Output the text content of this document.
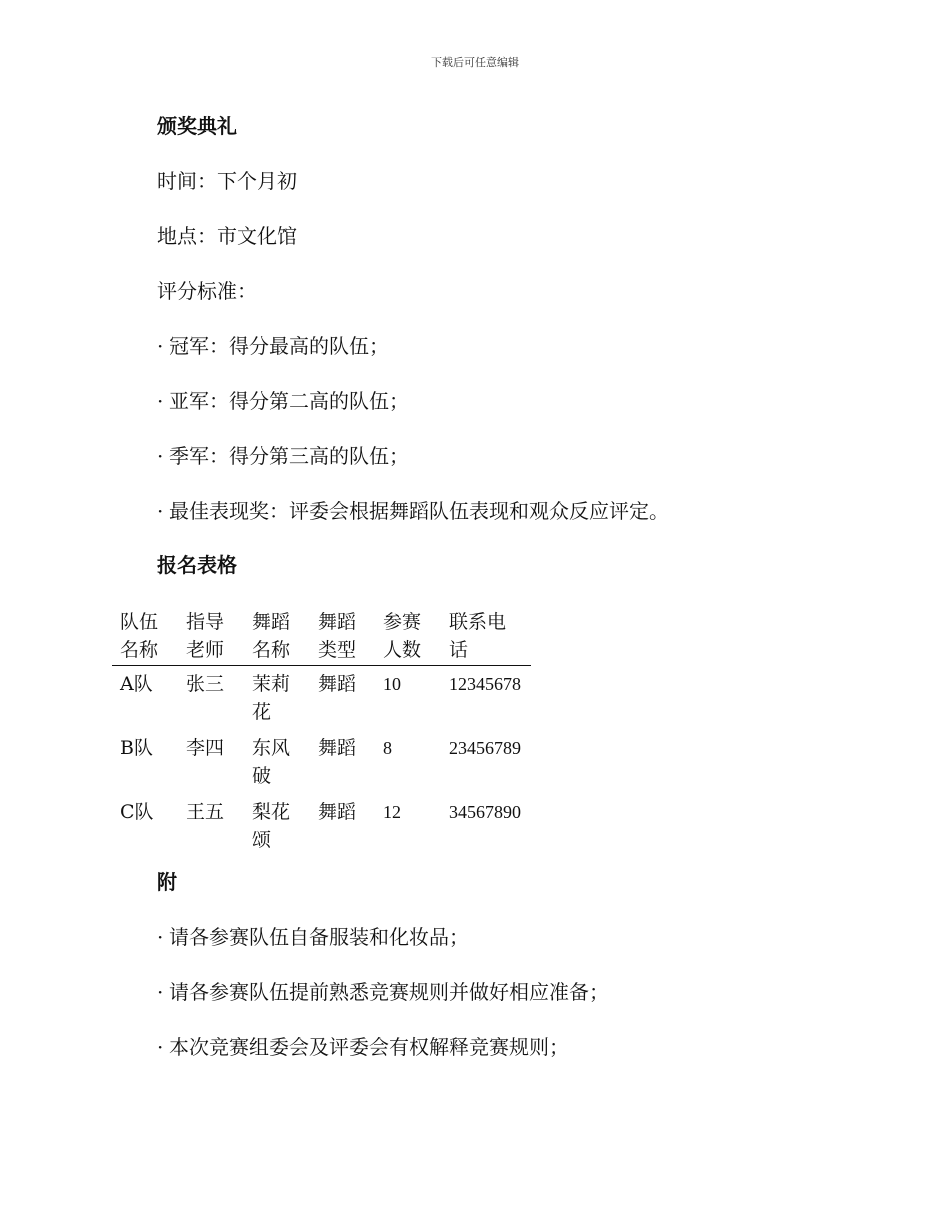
下载后可任意编辑
颁奖典礼
时间：下个月初
地点：市文化馆
评分标准：
· 冠军：得分最高的队伍；
· 亚军：得分第二高的队伍；
· 季军：得分第三高的队伍；
· 最佳表现奖：评委会根据舞蹈队伍表现和观众反应评定。
报名表格
队伍名称	指导老师	舞蹈名称	舞蹈类型	参赛人数	联系电话
A队	张三	茉莉花	舞蹈	10	12345678
B队	李四	东风破	舞蹈	8	23456789
C队	王五	梨花颂	舞蹈	12	34567890
附
· 请各参赛队伍自备服装和化妆品；
· 请各参赛队伍提前熟悉竞赛规则并做好相应准备；
· 本次竞赛组委会及评委会有权解释竞赛规则；
